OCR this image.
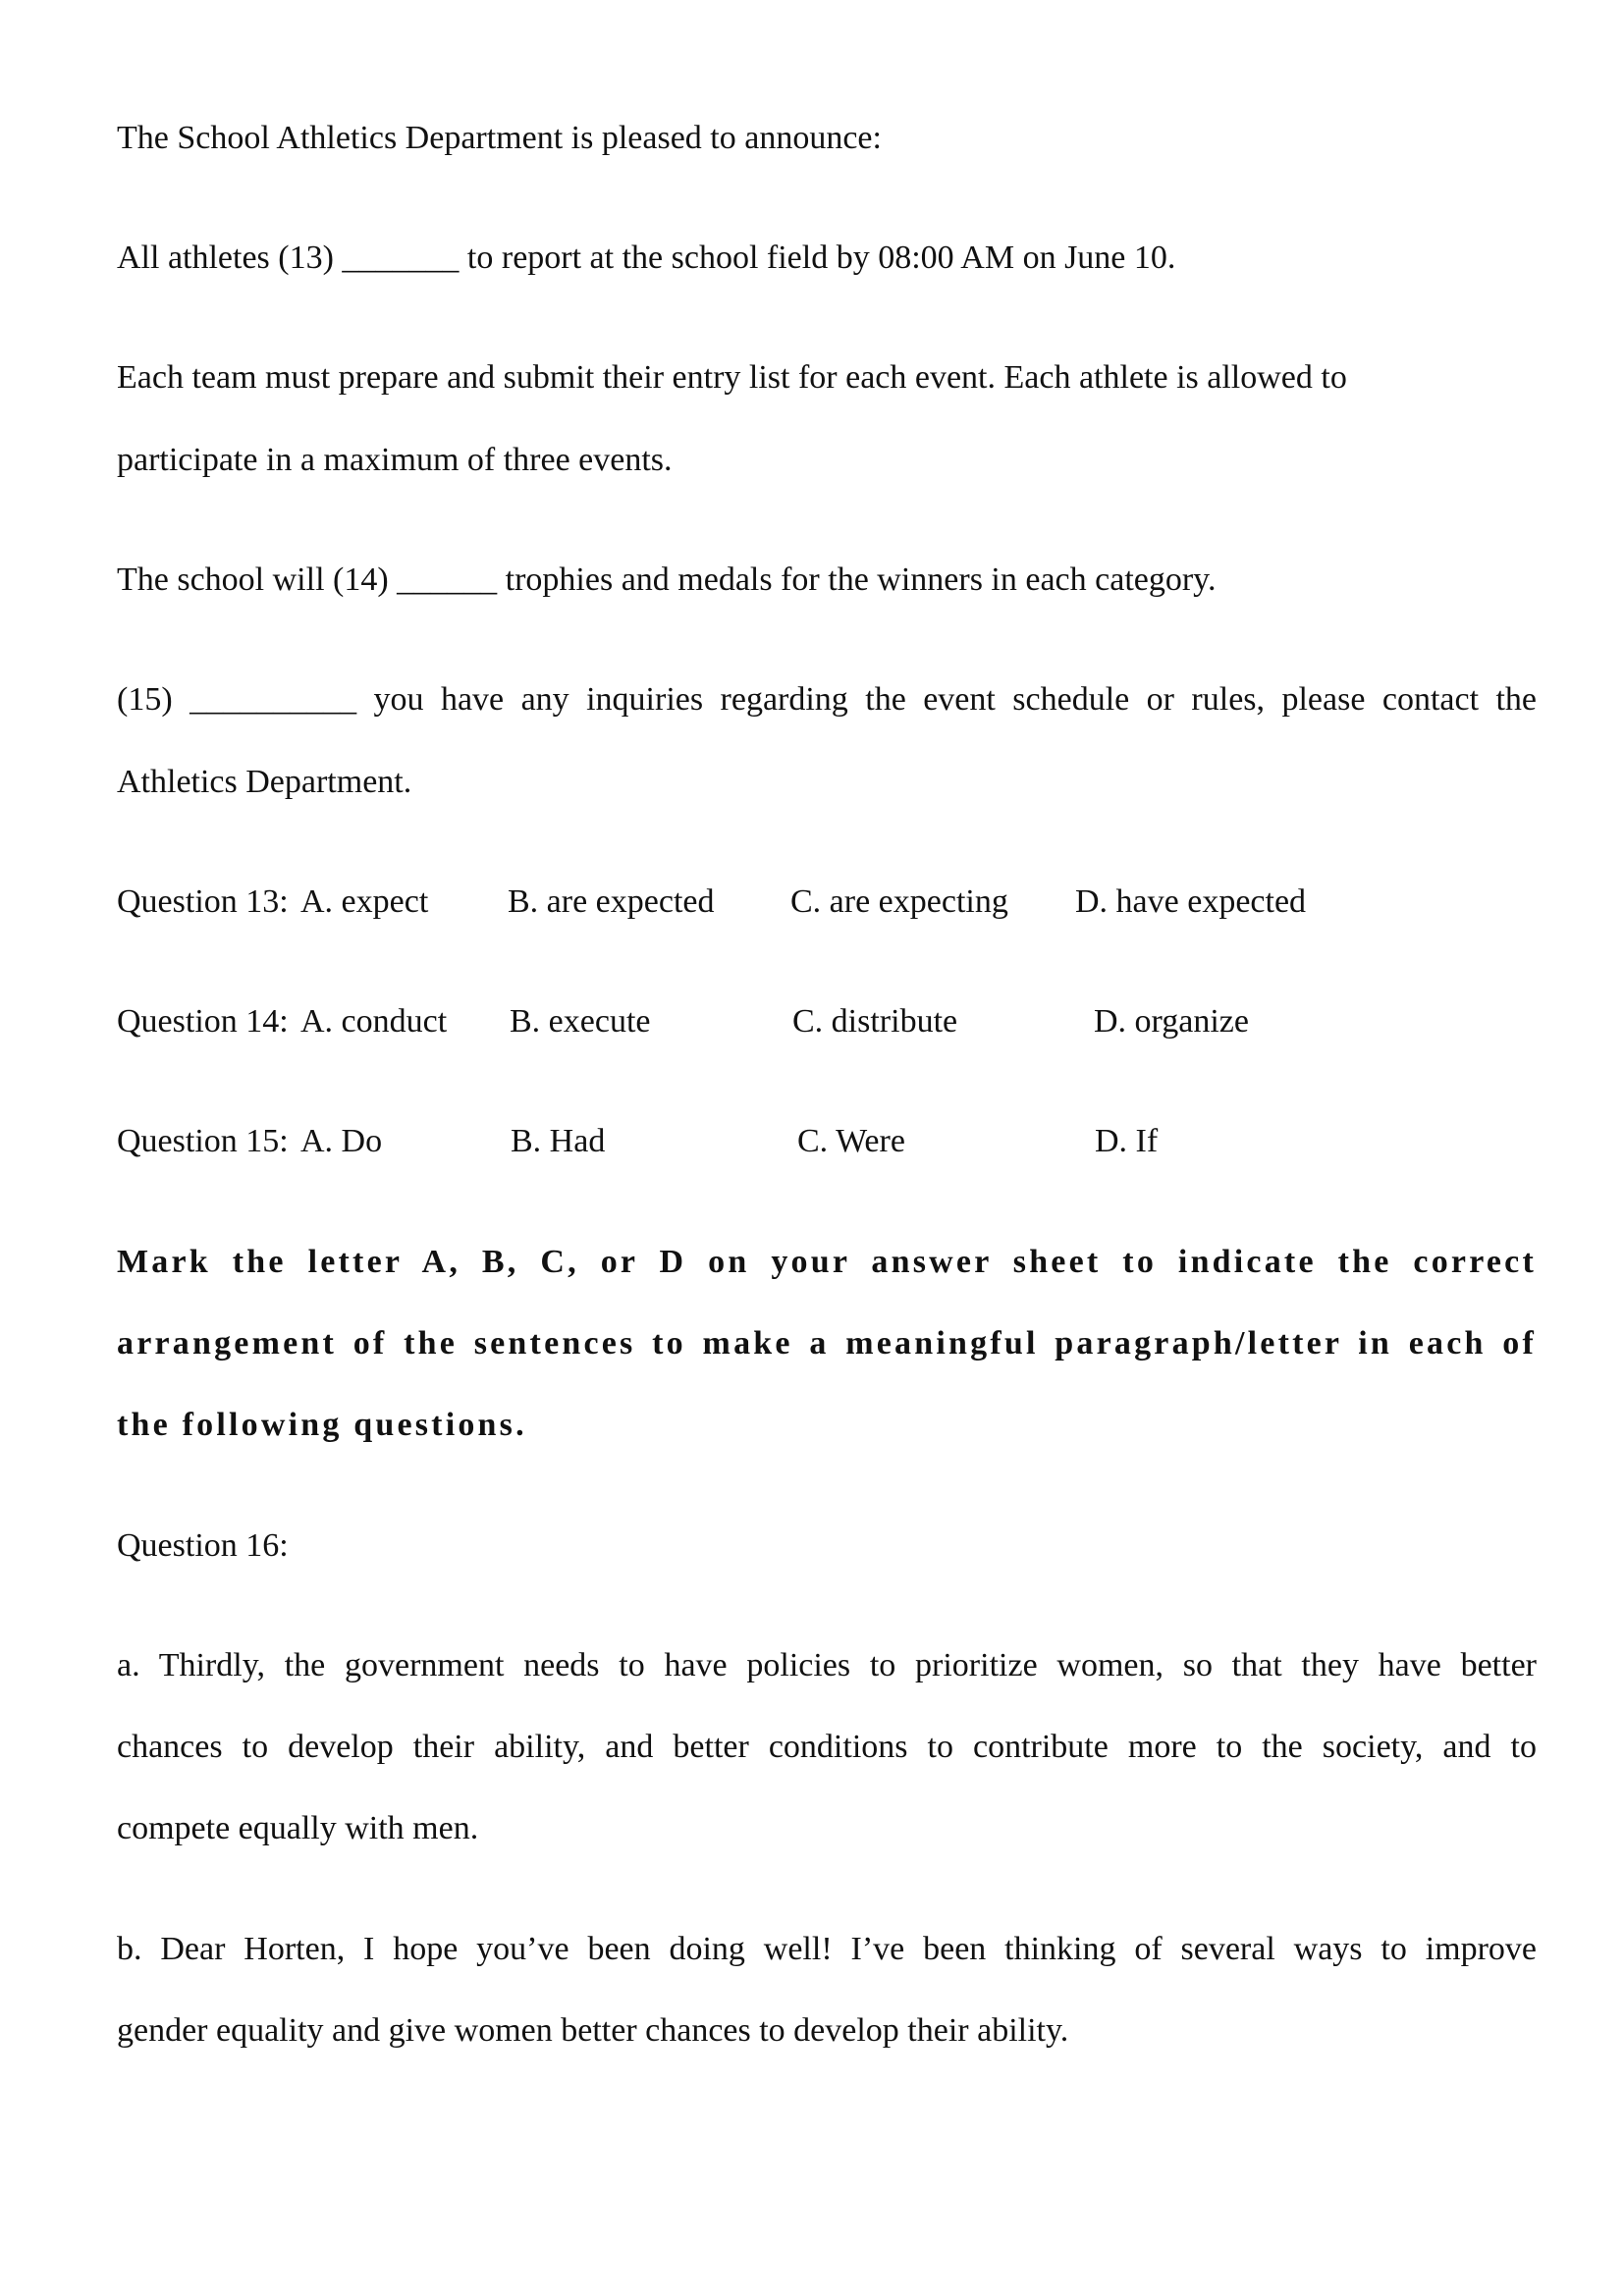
The School Athletics Department is pleased to announce:
All athletes (13) _______ to report at the school field by 08:00 AM on June 10.
Each team must prepare and submit their entry list for each event. Each athlete is allowed to
participate in a maximum of three events.
The school will (14) ______ trophies and medals for the winners in each category.
(15) __________ you have any inquiries regarding the event schedule or rules, please contact the
Athletics Department.
Question 13: A. expect B. are expected C. are expecting D. have expected
Question 14: A. conduct B. execute	C. distribute	D. organize
Question 15: A. Do	B. Had	C. Were	D. If
Mark the letter A, B, C, or D on your answer sheet to indicate the correct
arrangement of the sentences to make a meaningful paragraph/letter in each of
the following questions.
Question 16:
a. Thirdly, the government needs to have policies to prioritize women, so that they have better
chances to develop their ability, and better conditions to contribute more to the society, and to
compete equally with men.
b. Dear Horten, I hope you’ve been doing well! I’ve been thinking of several ways to improve
gender equality and give women better chances to develop their ability.
